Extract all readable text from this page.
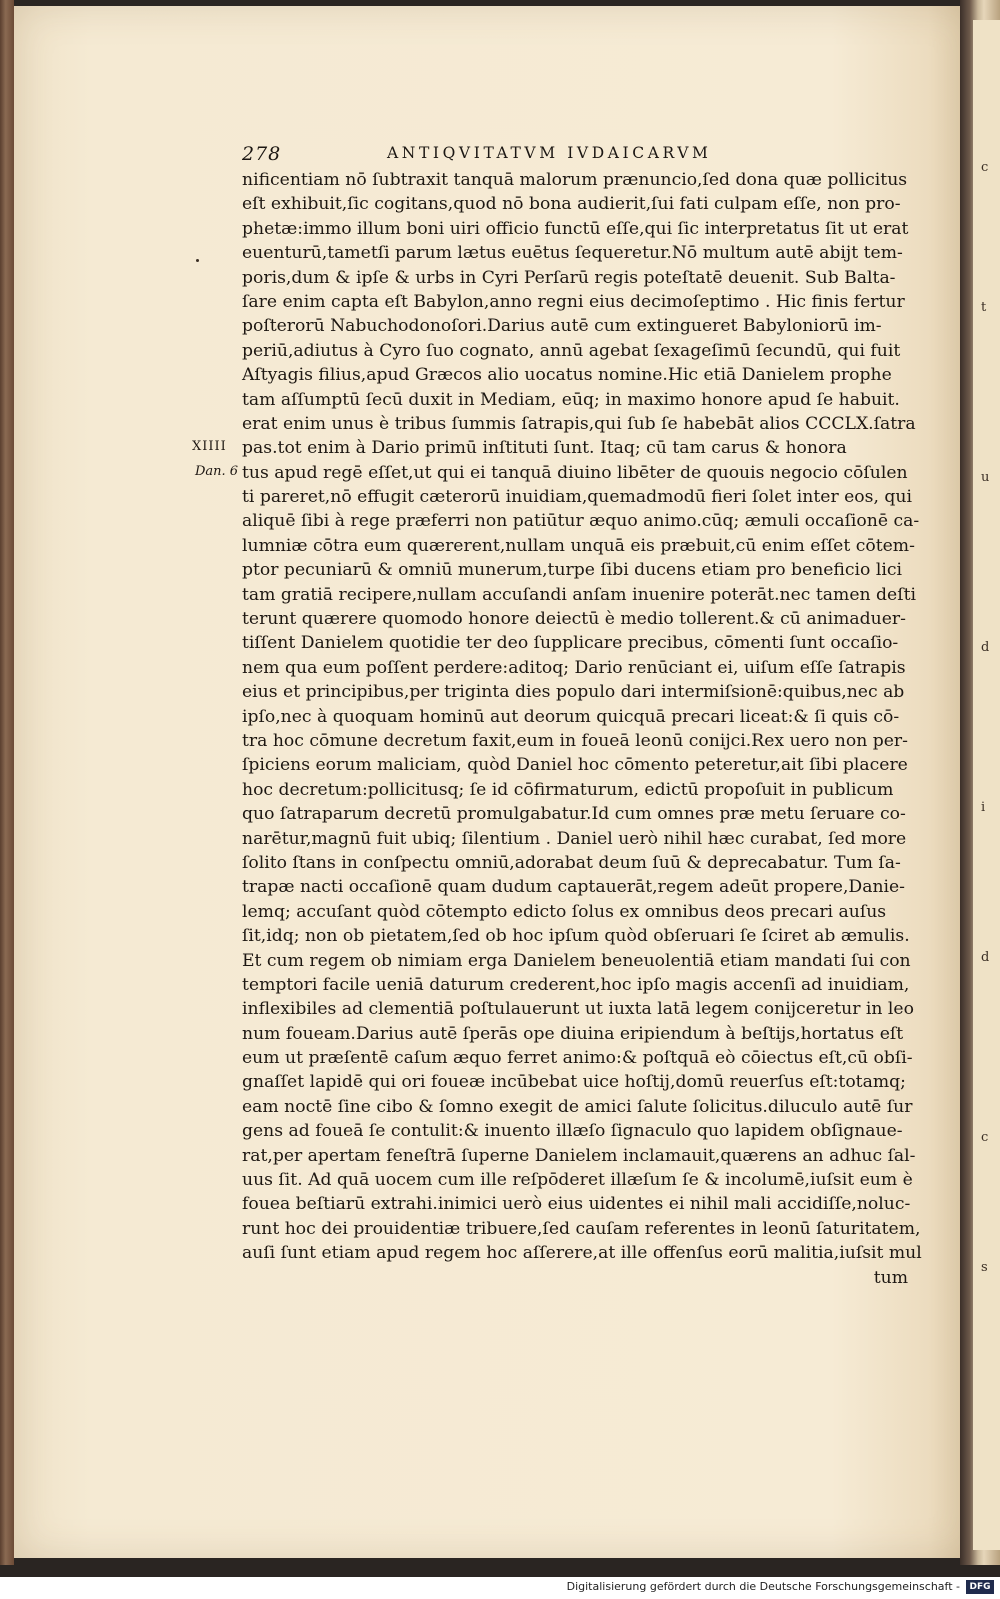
c
t
u
d
i
d
c
s
278	ANTIQVITATVM IVDAICARVM
XIIII
Dan. 6
nificentiam nō ſubtraxit tanquā malorum prænuncio,ſed dona quæ pollicitus
eſt exhibuit,ſic cogitans,quod nō bona audierit,ſui fati culpam eſſe, non pro-
phetæ:immo illum boni uiri officio functū eſſe,qui ſic interpretatus ſit ut erat
euenturū,tametſi parum lætus euētus ſequeretur.Nō multum autē abijt tem-
poris,dum & ipſe & urbs in Cyri Perſarū regis poteſtatē deuenit. Sub Balta-
ſare enim capta eſt Babylon,anno regni eius decimoſeptimo . Hic finis fertur
poſterorū Nabuchodonoſori.Darius autē cum extingueret Babyloniorū im-
periū,adiutus à Cyro ſuo cognato, annū agebat ſexageſimū ſecundū, qui fuit
Aſtyagis filius,apud Græcos alio uocatus nomine.Hic etiā Danielem prophe
tam aſſumptū ſecū duxit in Mediam, eūq; in maximo honore apud ſe habuit.
erat enim unus è tribus ſummis ſatrapis,qui ſub ſe habebāt alios CCCLX.ſatra
pas.tot enim à Dario primū inſtituti ſunt. Itaq; cū tam carus & honora
tus apud regē eſſet,ut qui ei tanquā diuino libēter de quouis negocio cōſulen
ti pareret,nō effugit cæterorū inuidiam,quemadmodū fieri ſolet inter eos, qui
aliquē ſibi à rege præferri non patiūtur æquo animo.cūq; æmuli occaſionē ca-
lumniæ cōtra eum quærerent,nullam unquā eis præbuit,cū enim eſſet cōtem-
ptor pecuniarū & omniū munerum,turpe ſibi ducens etiam pro beneficio lici
tam gratiā recipere,nullam accuſandi anſam inuenire poterāt.nec tamen deſti
terunt quærere quomodo honore deiectū è medio tollerent.& cū animaduer-
tiſſent Danielem quotidie ter deo ſupplicare precibus, cōmenti ſunt occaſio-
nem qua eum poſſent perdere:aditoq; Dario renūciant ei, uiſum eſſe ſatrapis
eius et principibus,per triginta dies populo dari intermiſsionē:quibus,nec ab
ipſo,nec à quoquam hominū aut deorum quicquā precari liceat:& ſi quis cō-
tra hoc cōmune decretum faxit,eum in foueā leonū conijci.Rex uero non per-
ſpiciens eorum maliciam, quòd Daniel hoc cōmento peteretur,ait ſibi placere
hoc decretum:pollicitusq; ſe id cōfirmaturum, edictū propoſuit in publicum
quo ſatraparum decretū promulgabatur.Id cum omnes præ metu ſeruare co-
narētur,magnū fuit ubiq; ſilentium . Daniel uerò nihil hæc curabat, ſed more
ſolito ſtans in conſpectu omniū,adorabat deum ſuū & deprecabatur. Tum ſa-
trapæ nacti occaſionē quam dudum captauerāt,regem adeūt propere,Danie-
lemq; accuſant quòd cōtempto edicto ſolus ex omnibus deos precari auſus
ſit,idq; non ob pietatem,ſed ob hoc ipſum quòd obſeruari ſe ſciret ab æmulis.
Et cum regem ob nimiam erga Danielem beneuolentiā etiam mandati ſui con
temptori facile ueniā daturum crederent,hoc ipſo magis accenſi ad inuidiam,
inflexibiles ad clementiā poſtulauerunt ut iuxta latā legem conijceretur in leo
num foueam.Darius autē ſperās ope diuina eripiendum à beſtijs,hortatus eſt
eum ut præſentē caſum æquo ferret animo:& poſtquā eò cōiectus eſt,cū obſi-
gnaſſet lapidē qui ori foueæ incūbebat uice hoſtij,domū reuerſus eſt:totamq;
eam noctē ſine cibo & ſomno exegit de amici ſalute ſolicitus.diluculo autē ſur
gens ad foueā ſe contulit:& inuento illæſo ſignaculo quo lapidem obſignaue-
rat,per apertam feneſtrā ſuperne Danielem inclamauit,quærens an adhuc ſal-
uus ſit. Ad quā uocem cum ille reſpōderet illæſum ſe & incolumē,iuſsit eum è
fouea beſtiarū extrahi.inimici uerò eius uidentes ei nihil mali accidiſſe,noluc-
runt hoc dei prouidentiæ tribuere,ſed cauſam referentes in leonū ſaturitatem,
auſi ſunt etiam apud regem hoc aſſerere,at ille offenſus eorū malitia,iuſsit mul
tum
Digitalisierung gefördert durch die Deutsche Forschungsgemeinschaft -	DFG
